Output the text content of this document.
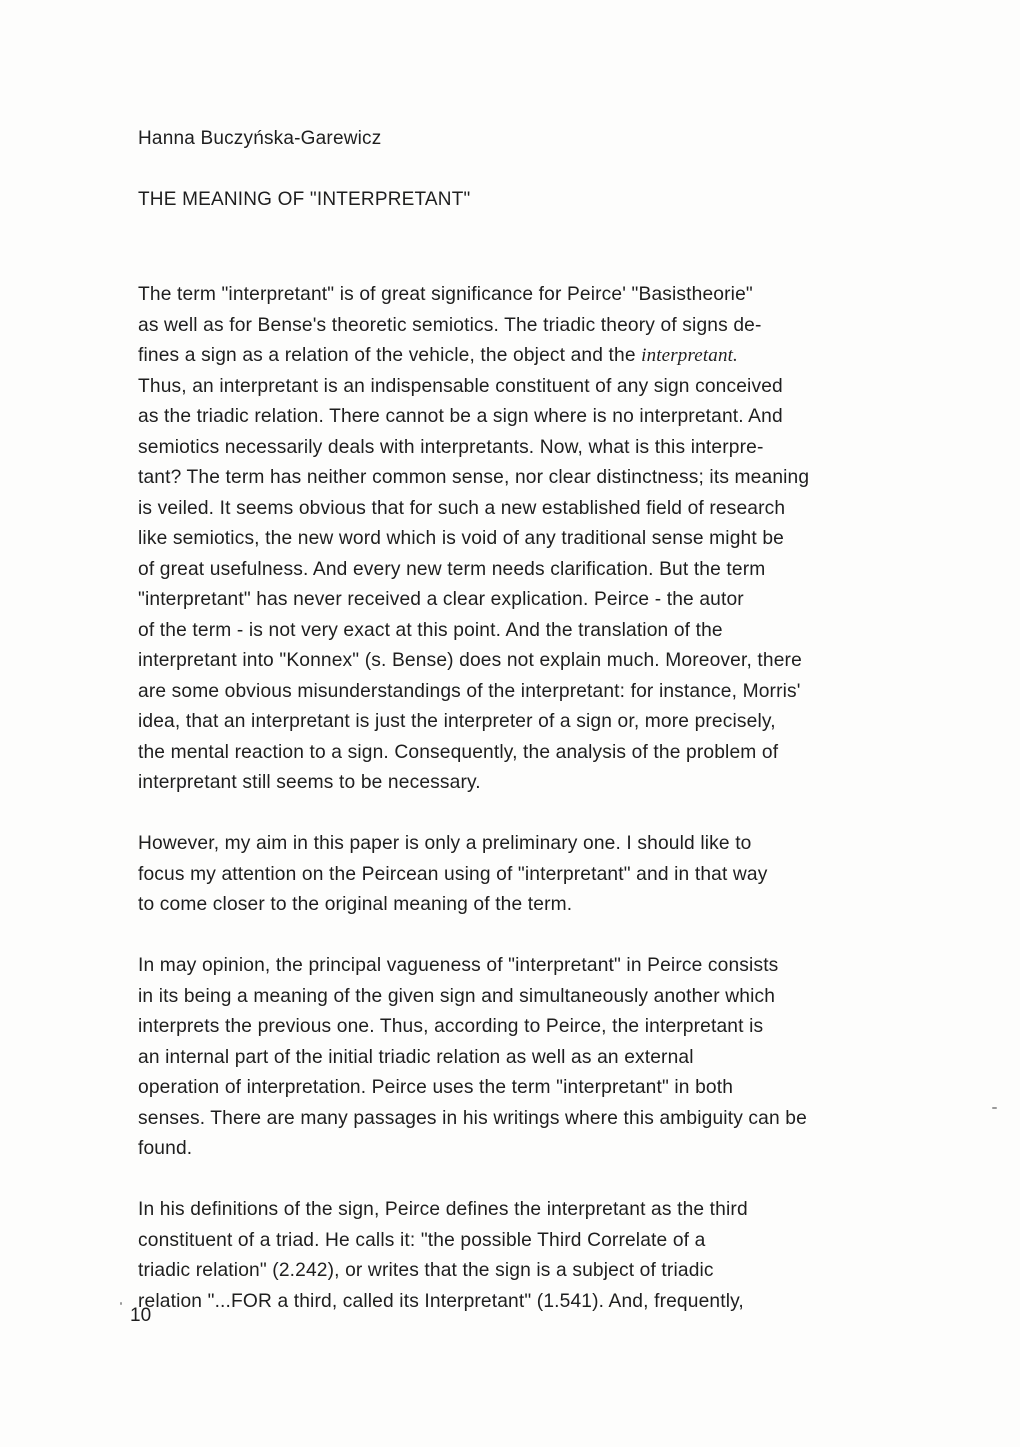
Hanna Buczyńska-Garewicz
THE MEANING OF "INTERPRETANT"
The term "interpretant" is of great significance for Peirce' "Basistheorie"
as well as for Bense's theoretic semiotics. The triadic theory of signs de-
fines a sign as a relation of the vehicle, the object and the interpretant.
Thus, an interpretant is an indispensable constituent of any sign conceived
as the triadic relation. There cannot be a sign where is no interpretant. And
semiotics necessarily deals with interpretants. Now, what is this interpre-
tant? The term has neither common sense, nor clear distinctness; its meaning
is veiled. It seems obvious that for such a new established field of research
like semiotics, the new word which is void of any traditional sense might be
of great usefulness. And every new term needs clarification. But the term
"interpretant" has never received a clear explication. Peirce - the autor
of the term - is not very exact at this point. And the translation of the
interpretant into "Konnex" (s. Bense) does not explain much. Moreover, there
are some obvious misunderstandings of the interpretant: for instance, Morris'
idea, that an interpretant is just the interpreter of a sign or, more precisely,
the mental reaction to a sign. Consequently, the analysis of the problem of
interpretant still seems to be necessary.
However, my aim in this paper is only a preliminary one. I should like to
focus my attention on the Peircean using of "interpretant" and in that way
to come closer to the original meaning of the term.
In may opinion, the principal vagueness of "interpretant" in Peirce consists
in its being a meaning of the given sign and simultaneously another which
interprets the previous one. Thus, according to Peirce, the interpretant is
an internal part of the initial triadic relation as well as an external
operation of interpretation. Peirce uses the term "interpretant" in both
senses. There are many passages in his writings where this ambiguity can be
found.
In his definitions of the sign, Peirce defines the interpretant as the third
constituent of a triad. He calls it: "the possible Third Correlate of a
triadic relation" (2.242), or writes that the sign is a subject of triadic
relation "...FOR a third, called its Interpretant" (1.541). And, frequently,
10
